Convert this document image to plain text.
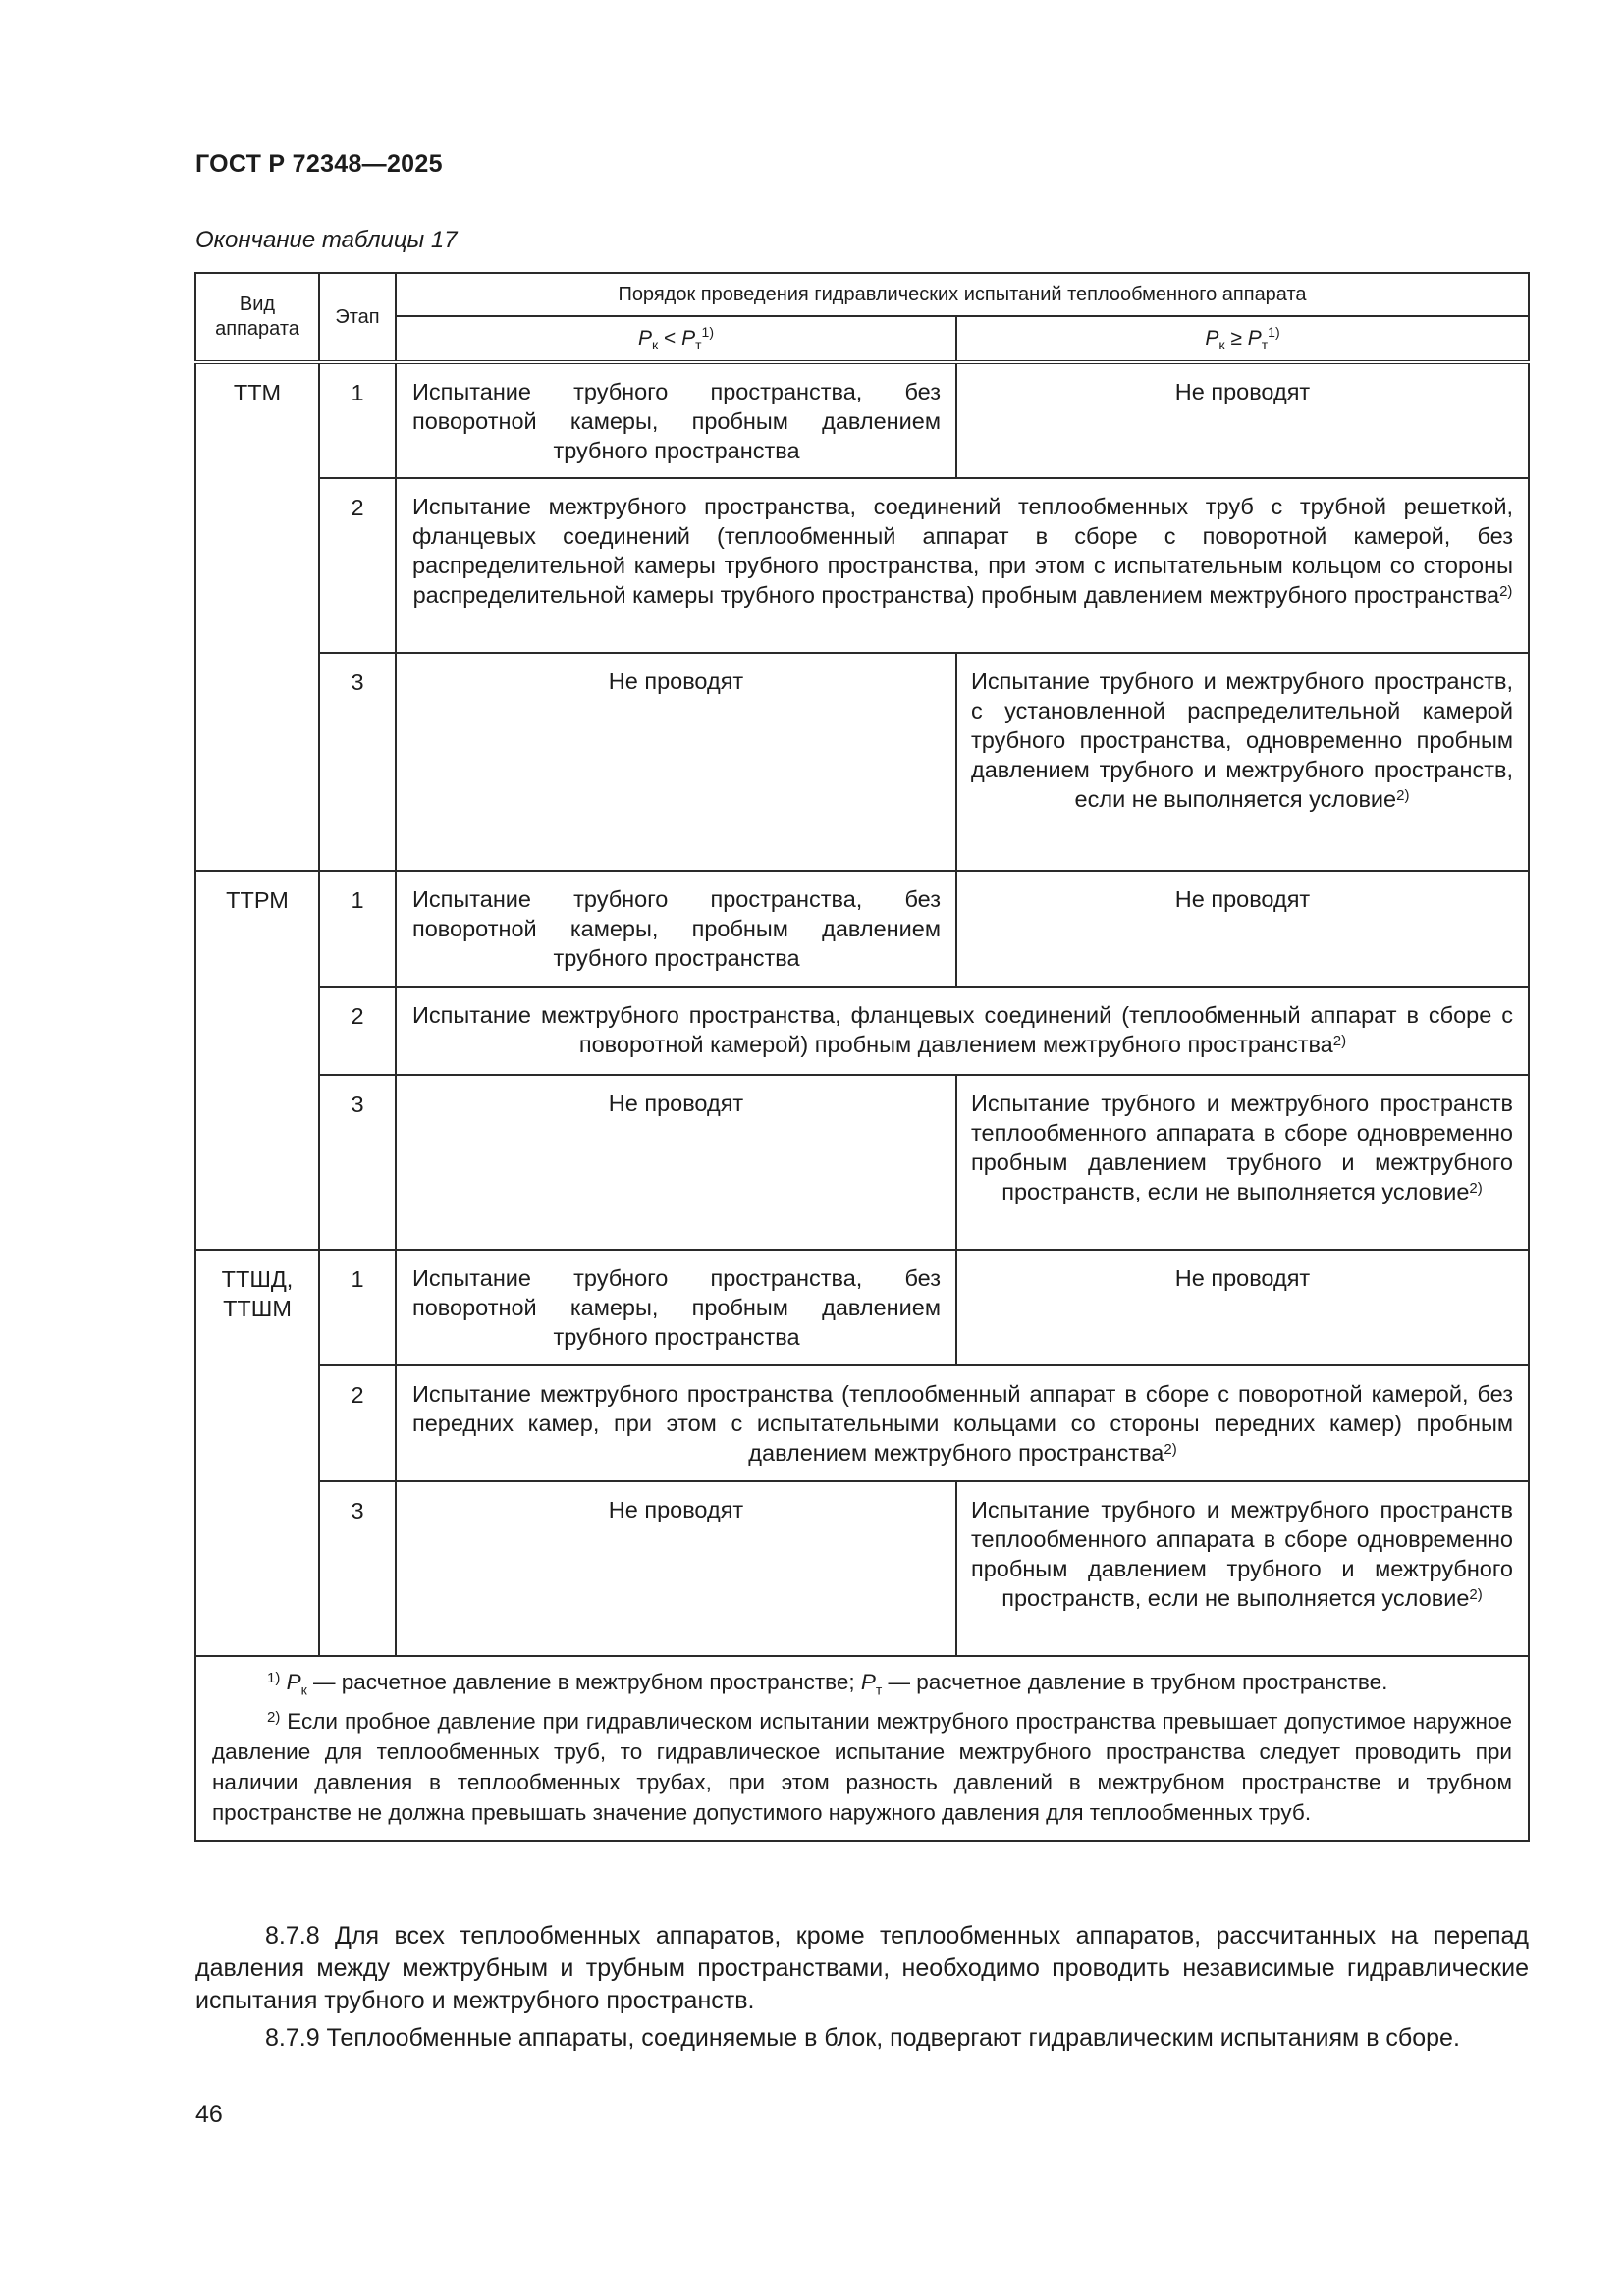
ГОСТ Р 72348—2025
Окончание таблицы 17
Вид аппарата	Этап	Порядок проведения гидравлических испытаний теплообменного аппарата	
		$P_к < P_т^{1)}$	$P_к \ge P_т^{1)}$
ТТМ	1	Испытание трубного пространства, без поворотной камеры, пробным давлением трубного пространства	Не проводят
	2	Испытание межтрубного пространства, соединений теплообменных труб с трубной решеткой, фланцевых соединений (теплообменный аппарат в сборе с поворотной камерой, без распределительной камеры трубного пространства, при этом с испытательным кольцом со стороны распределительной камеры трубного пространства) пробным давлением межтрубного пространства$^{2)}$
	3	Не проводят	Испытание трубного и межтрубного пространств, с установленной распределительной камерой трубного пространства, одновременно пробным давлением трубного и межтрубного пространств, если не выполняется условие$^{2)}$
ТТРМ	1	Испытание трубного пространства, без поворотной камеры, пробным давлением трубного пространства	Не проводят
	2	Испытание межтрубного пространства, фланцевых соединений (теплообменный аппарат в сборе с поворотной камерой) пробным давлением межтрубного пространства$^{2)}$
	3	Не проводят	Испытание трубного и межтрубного пространств теплообменного аппарата в сборе одновременно пробным давлением трубного и межтрубного пространств, если не выполняется условие$^{2)}$
ТТШД, ТТШМ	1	Испытание трубного пространства, без поворотной камеры, пробным давлением трубного пространства	Не проводят
	2	Испытание межтрубного пространства (теплообменный аппарат в сборе с поворотной камерой, без передних камер, при этом с испытательными кольцами со стороны передних камер) пробным давлением межтрубного пространства$^{2)}$
	3	Не проводят	Испытание трубного и межтрубного пространств теплообменного аппарата в сборе одновременно пробным давлением трубного и межтрубного пространств, если не выполняется условие$^{2)}$

$^{1)}$ $P_к$ — расчетное давление в межтрубном пространстве; $P_т$ — расчетное давление в трубном пространстве.
$^{2)}$ Если пробное давление при гидравлическом испытании межтрубного пространства превышает допустимое наружное давление для теплообменных труб, то гидравлическое испытание межтрубного пространства следует проводить при наличии давления в теплообменных трубах, при этом разность давлений в межтрубном пространстве и трубном пространстве не должна превышать значение допустимого наружного давления для теплообменных труб.			
8.7.8 Для всех теплообменных аппаратов, кроме теплообменных аппаратов, рассчитанных на перепад давления между межтрубным и трубным пространствами, необходимо проводить независимые гидравлические испытания трубного и межтрубного пространств.
8.7.9 Теплообменные аппараты, соединяемые в блок, подвергают гидравлическим испытаниям в сборе.
46
